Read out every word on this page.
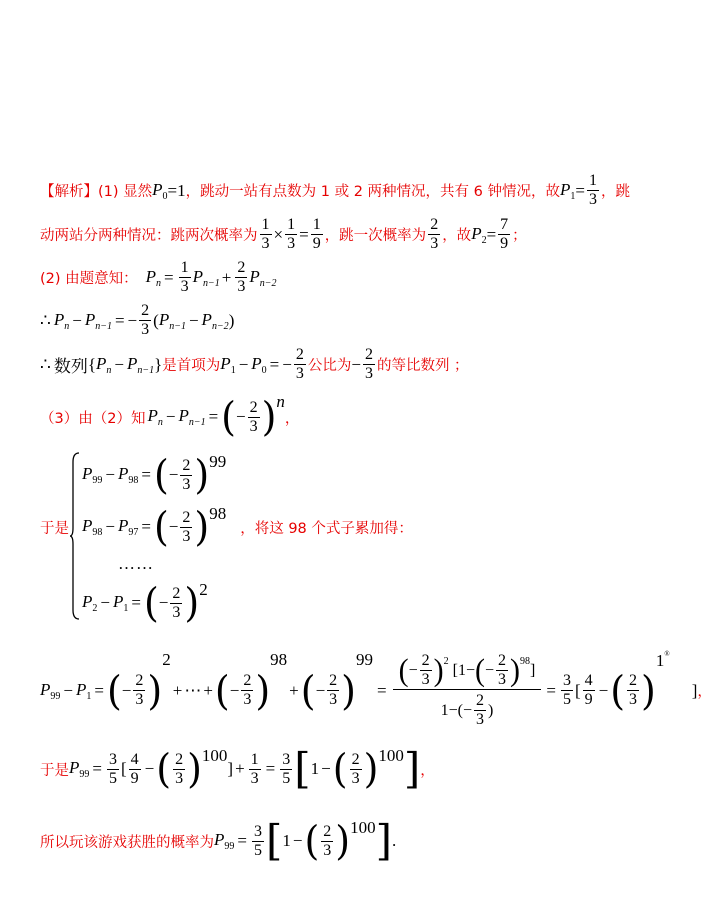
【解析】(1) 显然 $P_0 = 1$ ，跳动一站有点数为 1 或 2 两种情况，共有 6 钟情况，故 $P_1 = \frac{1}{3}$ ，跳
动两站分两种情况：跳两次概率为 $\frac{1}{3} \times \frac{1}{3} = \frac{1}{9}$ ，跳一次概率为 $\frac{2}{3}$ ，故 $P_2 = \frac{7}{9}$ ；
(2) 由题意知： $P_n = \frac{1}{3} P_{n-1} + \frac{2}{3} P_{n-2}$
∴ $P_n - P_{n-1}$ = − $\frac{2}{3}$ ( $P_{n-1} - P_{n-2}$ )
∴ 数列 { $P_n - P_{n-1}$ } 是首项为 $P_1 - P_0$ = − $\frac{2}{3}$ 公比为 − $\frac{2}{3}$ 的等比数列 ；
（3）由（2）知 $P_n - P_{n-1}$ = ( − $\frac{2}{3}$ ) n
，
于是
$P_{99} - P_{98}$ = ( − $\frac{2}{3}$ ) 99
$P_{98} - P_{97}$ = ( − $\frac{2}{3}$ ) 98
，将这 98 个式子累加得：
……
$P_2 - P_1$ = ( − $\frac{2}{3}$ ) 2
$P_{99} - P_1$ = ( − $\frac{2}{3}$ )
2
+ ⋯ + ( − $\frac{2}{3}$ )
98
+ ( − $\frac{2}{3}$ )
99
= $\frac{( - \frac{2}{3} )^2 [ 1 - ( - \frac{2}{3} )^{98} ]}{1-(- \frac{2}{3} )} = \frac{3}{5}$ [ $\frac{4}{9}$ − ( $\frac{2}{3}$ )
1®
] ，
于是 $P_{99} = \frac{3}{5}$ [ $\frac{4}{9}$ − ( $\frac{2}{3}$ ) 100
] + $\frac{1}{3} = \frac{3}{5}$ [ 1 − ( $\frac{2}{3}$ ) 100 ] ，
所以玩该游戏获胜的概率为 $P_{99} = \frac{3}{5}$ [ 1 − ( $\frac{2}{3}$ ) 100 ] .
